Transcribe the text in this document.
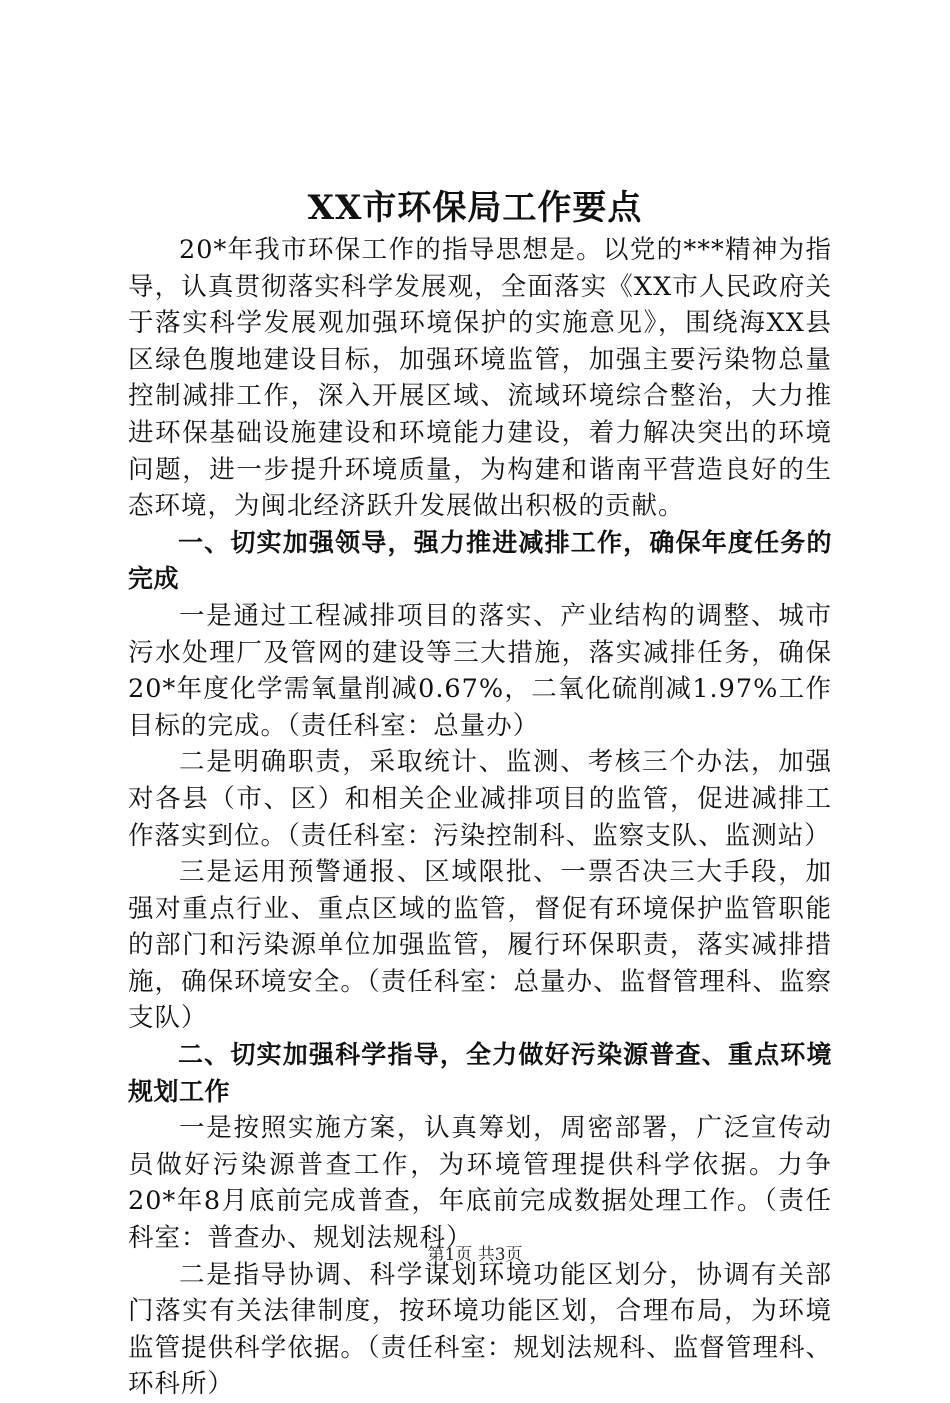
XX市环保局工作要点

20*年我市环保工作的指导思想是。以党的***精神为指导，认真贯彻落实科学发展观，全面落实《XX市人民政府关于落实科学发展观加强环境保护的实施意见》，围绕海XX县区绿色腹地建设目标，加强环境监管，加强主要污染物总量控制减排工作，深入开展区域、流域环境综合整治，大力推进环保基础设施建设和环境能力建设，着力解决突出的环境问题，进一步提升环境质量，为构建和谐南平营造良好的生态环境，为闽北经济跃升发展做出积极的贡献。

一、切实加强领导，强力推进减排工作，确保年度任务的完成

一是通过工程减排项目的落实、产业结构的调整、城市污水处理厂及管网的建设等三大措施，落实减排任务，确保20*年度化学需氧量削减0.67%，二氧化硫削减1.97%工作目标的完成。（责任科室：总量办）

二是明确职责，采取统计、监测、考核三个办法，加强对各县（市、区）和相关企业减排项目的监管，促进减排工作落实到位。（责任科室：污染控制科、监察支队、监测站）

三是运用预警通报、区域限批、一票否决三大手段，加强对重点行业、重点区域的监管，督促有环境保护监管职能的部门和污染源单位加强监管，履行环保职责，落实减排措施，确保环境安全。（责任科室：总量办、监督管理科、监察支队）

二、切实加强科学指导，全力做好污染源普查、重点环境规划工作

一是按照实施方案，认真筹划，周密部署，广泛宣传动员做好污染源普查工作，为环境管理提供科学依据。力争20*年8月底前完成普查，年底前完成数据处理工作。（责任科室：普查办、规划法规科）

二是指导协调、科学谋划环境功能区划分，协调有关部门落实有关法律制度，按环境功能区划，合理布局，为环境监管提供科学依据。（责任科室：规划法规科、监督管理科、环科所）

第1页 共3页
